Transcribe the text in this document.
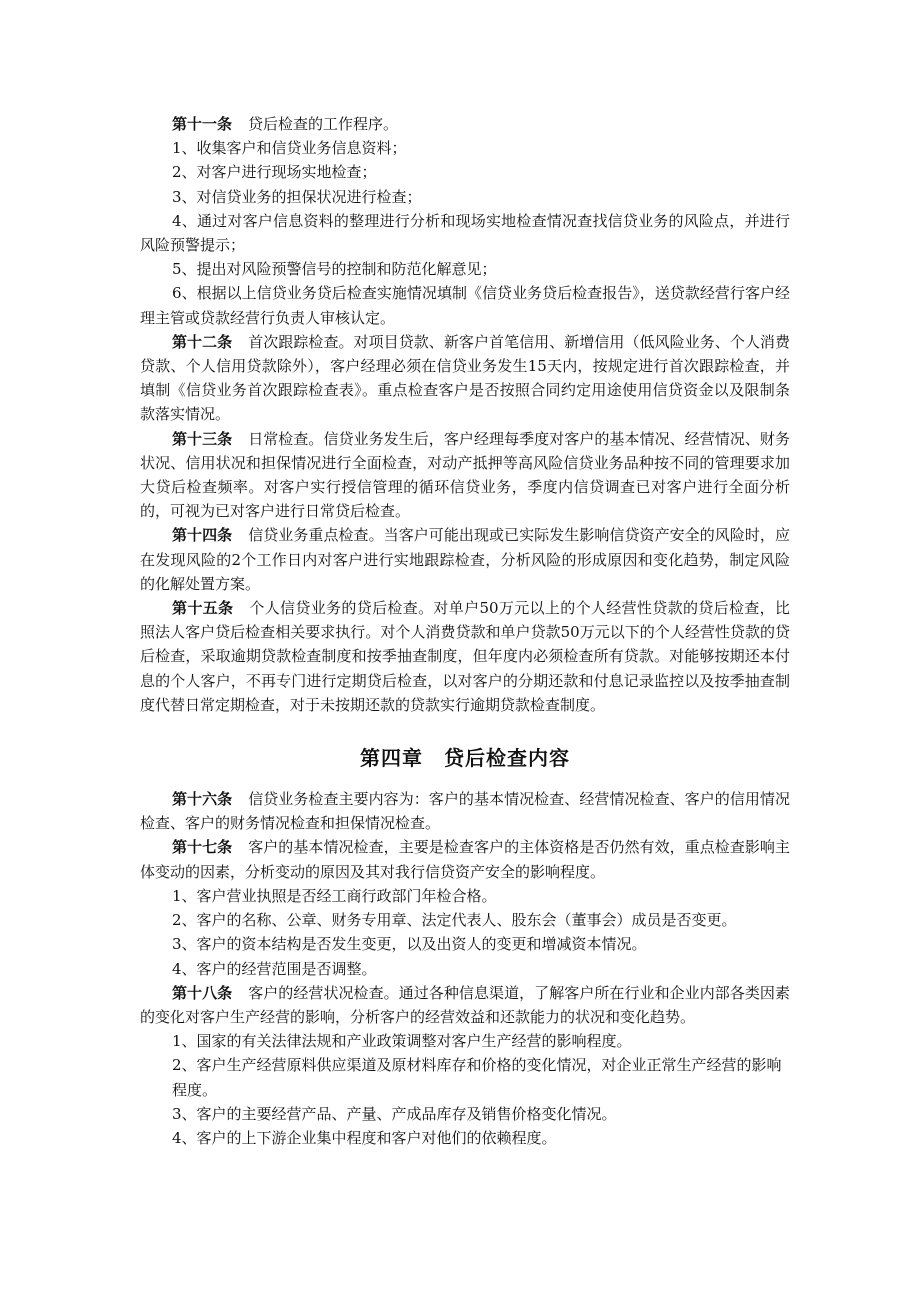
第十一条 贷后检查的工作程序。

1、收集客户和信贷业务信息资料；

2、对客户进行现场实地检查；

3、对信贷业务的担保状况进行检查；

4、通过对客户信息资料的整理进行分析和现场实地检查情况查找信贷业务的风险点，并进行风险预警提示；

5、提出对风险预警信号的控制和防范化解意见；

6、根据以上信贷业务贷后检查实施情况填制《信贷业务贷后检查报告》，送贷款经营行客户经理主管或贷款经营行负责人审核认定。

第十二条 首次跟踪检查。对项目贷款、新客户首笔信用、新增信用（低风险业务、个人消费贷款、个人信用贷款除外），客户经理必须在信贷业务发生15天内，按规定进行首次跟踪检查，并填制《信贷业务首次跟踪检查表》。重点检查客户是否按照合同约定用途使用信贷资金以及限制条款落实情况。

第十三条 日常检查。信贷业务发生后，客户经理每季度对客户的基本情况、经营情况、财务状况、信用状况和担保情况进行全面检查，对动产抵押等高风险信贷业务品种按不同的管理要求加大贷后检查频率。对客户实行授信管理的循环信贷业务，季度内信贷调查已对客户进行全面分析的，可视为已对客户进行日常贷后检查。

第十四条 信贷业务重点检查。当客户可能出现或已实际发生影响信贷资产安全的风险时，应在发现风险的2个工作日内对客户进行实地跟踪检查，分析风险的形成原因和变化趋势，制定风险的化解处置方案。

第十五条 个人信贷业务的贷后检查。对单户50万元以上的个人经营性贷款的贷后检查，比照法人客户贷后检查相关要求执行。对个人消费贷款和单户贷款50万元以下的个人经营性贷款的贷后检查，采取逾期贷款检查制度和按季抽查制度，但年度内必须检查所有贷款。对能够按期还本付息的个人客户，不再专门进行定期贷后检查，以对客户的分期还款和付息记录监控以及按季抽查制度代替日常定期检查，对于未按期还款的贷款实行逾期贷款检查制度。

第四章　贷后检查内容

第十六条 信贷业务检查主要内容为：客户的基本情况检查、经营情况检查、客户的信用情况检查、客户的财务情况检查和担保情况检查。

第十七条 客户的基本情况检查，主要是检查客户的主体资格是否仍然有效，重点检查影响主体变动的因素，分析变动的原因及其对我行信贷资产安全的影响程度。

1、客户营业执照是否经工商行政部门年检合格。

2、客户的名称、公章、财务专用章、法定代表人、股东会（董事会）成员是否变更。

3、客户的资本结构是否发生变更，以及出资人的变更和增减资本情况。

4、客户的经营范围是否调整。

第十八条 客户的经营状况检查。通过各种信息渠道，了解客户所在行业和企业内部各类因素的变化对客户生产经营的影响，分析客户的经营效益和还款能力的状况和变化趋势。

1、国家的有关法律法规和产业政策调整对客户生产经营的影响程度。

2、客户生产经营原料供应渠道及原材料库存和价格的变化情况，对企业正常生产经营的影响程度。

3、客户的主要经营产品、产量、产成品库存及销售价格变化情况。

4、客户的上下游企业集中程度和客户对他们的依赖程度。
